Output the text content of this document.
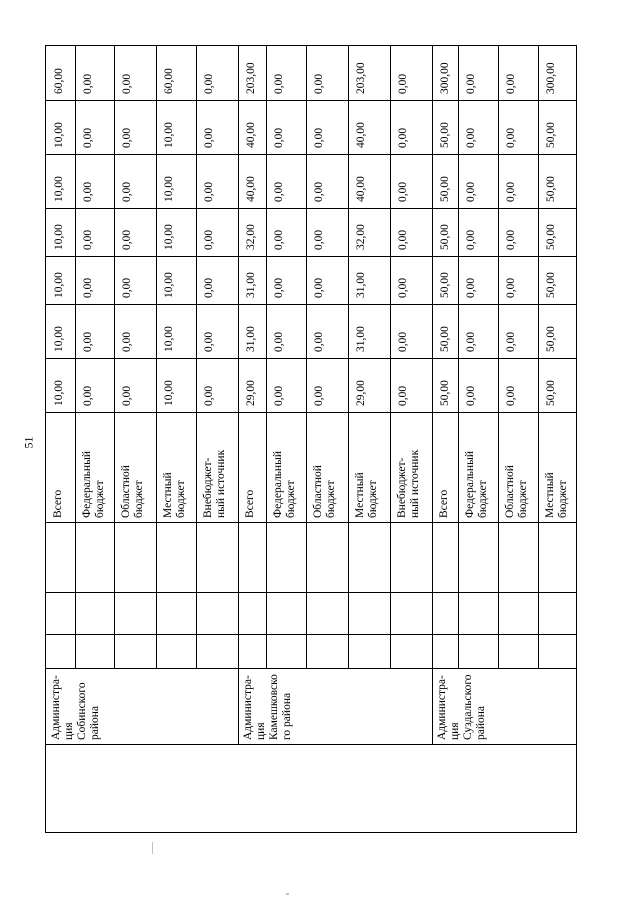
51
Администра-
ция
Собинского
района
Всего
10,00
10,00
10,00
10,00
10,00
10,00
60,00
Федеральный
бюджет
0,00
0,00
0,00
0,00
0,00
0,00
0,00
Областной
бюджет
0,00
0,00
0,00
0,00
0,00
0,00
0,00
Местный
бюджет
10,00
10,00
10,00
10,00
10,00
10,00
60,00
Внебюджет-
ный источник
0,00
0,00
0,00
0,00
0,00
0,00
0,00
Администра-
ция
Камешковско
го района
Всего
29,00
31,00
31,00
32,00
40,00
40,00
203,00
Федеральный
бюджет
0,00
0,00
0,00
0,00
0,00
0,00
0,00
Областной
бюджет
0,00
0,00
0,00
0,00
0,00
0,00
0,00
Местный
бюджет
29,00
31,00
31,00
32,00
40,00
40,00
203,00
Внебюджет-
ный источник
0,00
0,00
0,00
0,00
0,00
0,00
0,00
Администра-
ция
Суздальского
района
Всего
50,00
50,00
50,00
50,00
50,00
50,00
300,00
Федеральный
бюджет
0,00
0,00
0,00
0,00
0,00
0,00
0,00
Областной
бюджет
0,00
0,00
0,00
0,00
0,00
0,00
0,00
Местный
бюджет
50,00
50,00
50,00
50,00
50,00
50,00
300,00
